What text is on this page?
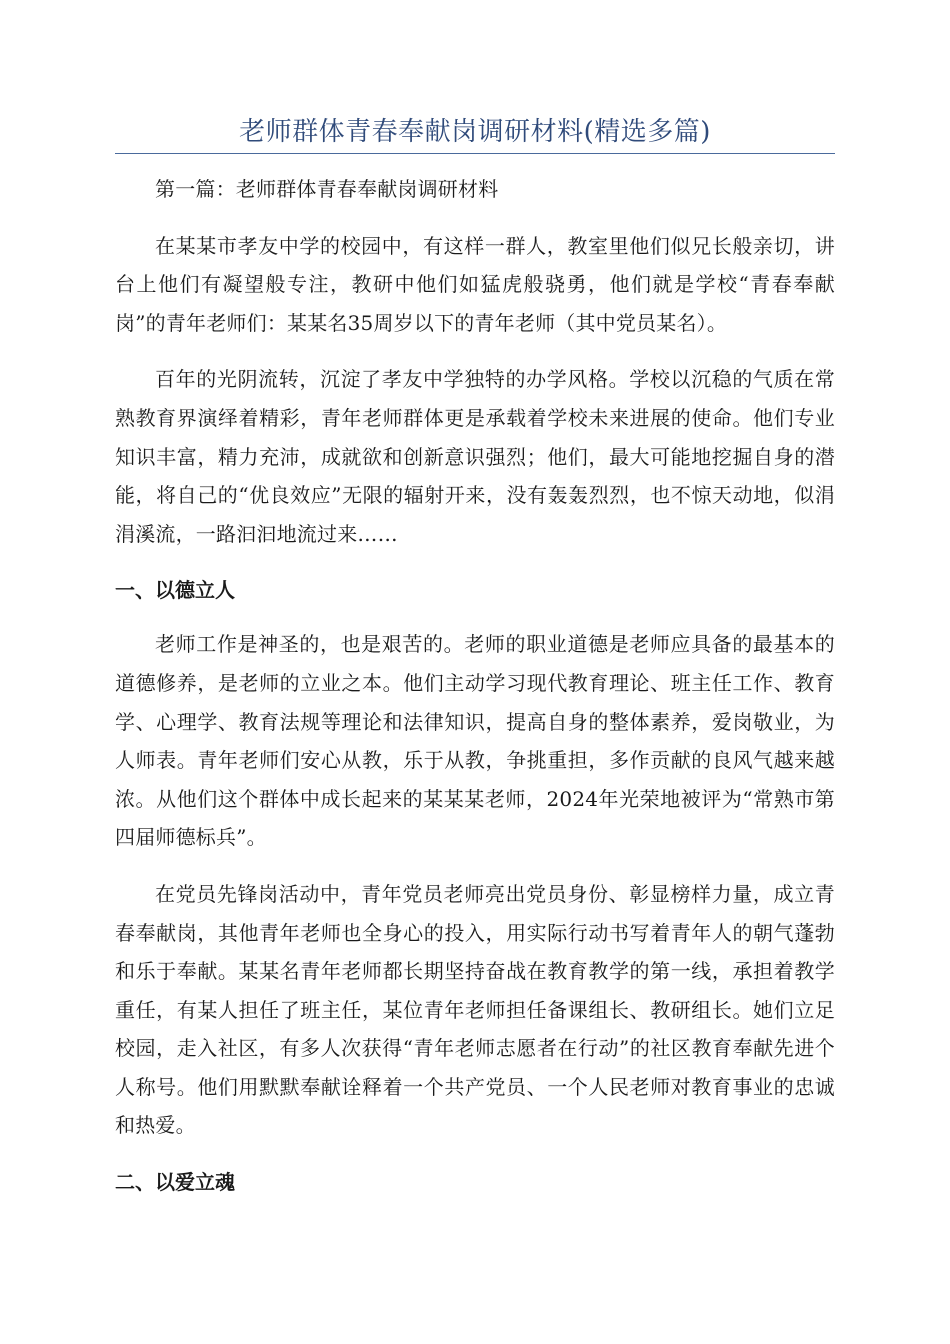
老师群体青春奉献岗调研材料(精选多篇)

第一篇：老师群体青春奉献岗调研材料

在某某市孝友中学的校园中，有这样一群人，教室里他们似兄长般亲切，讲台上他们有凝望般专注，教研中他们如猛虎般骁勇，他们就是学校“青春奉献岗”的青年老师们：某某名35周岁以下的青年老师（其中党员某名）。

百年的光阴流转，沉淀了孝友中学独特的办学风格。学校以沉稳的气质在常熟教育界演绎着精彩，青年老师群体更是承载着学校未来进展的使命。他们专业知识丰富，精力充沛，成就欲和创新意识强烈；他们，最大可能地挖掘自身的潜能，将自己的“优良效应”无限的辐射开来，没有轰轰烈烈，也不惊天动地，似涓涓溪流，一路汩汩地流过来……

一、以德立人

老师工作是神圣的，也是艰苦的。老师的职业道德是老师应具备的最基本的道德修养，是老师的立业之本。他们主动学习现代教育理论、班主任工作、教育学、心理学、教育法规等理论和法律知识，提高自身的整体素养，爱岗敬业，为人师表。青年老师们安心从教，乐于从教，争挑重担，多作贡献的良风气越来越浓。从他们这个群体中成长起来的某某某老师，2024年光荣地被评为“常熟市第四届师德标兵”。

在党员先锋岗活动中，青年党员老师亮出党员身份、彰显榜样力量，成立青春奉献岗，其他青年老师也全身心的投入，用实际行动书写着青年人的朝气蓬勃和乐于奉献。某某名青年老师都长期坚持奋战在教育教学的第一线，承担着教学重任，有某人担任了班主任，某位青年老师担任备课组长、教研组长。她们立足校园，走入社区，有多人次获得“青年老师志愿者在行动”的社区教育奉献先进个人称号。他们用默默奉献诠释着一个共产党员、一个人民老师对教育事业的忠诚和热爱。

二、以爱立魂
